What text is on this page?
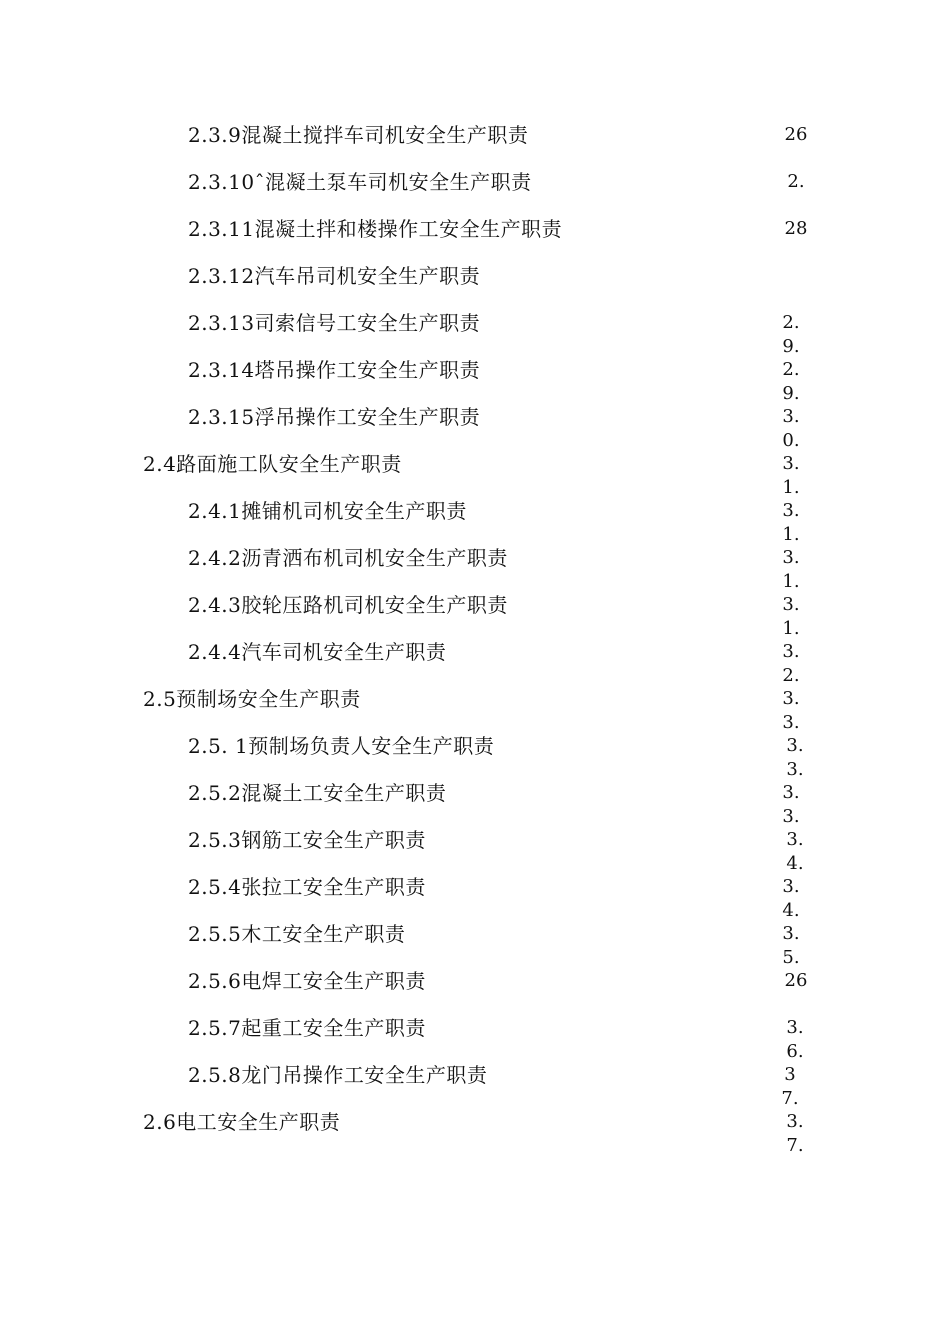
2.3.9混凝土搅拌车司机安全生产职责	26
2.3.10ˆ混凝土泵车司机安全生产职责	2.
2.3.11混凝土拌和楼操作工安全生产职责	28
2.3.12汽车吊司机安全生产职责
2.3.13司索信号工安全生产职责	2.9.
2.3.14塔吊操作工安全生产职责	2.9.
2.3.15浮吊操作工安全生产职责	3.0.
2.4路面施工队安全生产职责	3.1.
2.4.1摊铺机司机安全生产职责	3.1.
2.4.2沥青洒布机司机安全生产职责	3.1.
2.4.3胶轮压路机司机安全生产职责	3.1.
2.4.4汽车司机安全生产职责	3.2.
2.5预制场安全生产职责	3.3.
2.5. 1预制场负责人安全生产职责	3.3.
2.5.2混凝土工安全生产职责	3.3.
2.5.3钢筋工安全生产职责	3.4.
2.5.4张拉工安全生产职责	3.4.
2.5.5木工安全生产职责	3.5.
2.5.6电焊工安全生产职责	26
2.5.7起重工安全生产职责	3.6.
2.5.8龙门吊操作工安全生产职责	37.
2.6电工安全生产职责	3.7.
